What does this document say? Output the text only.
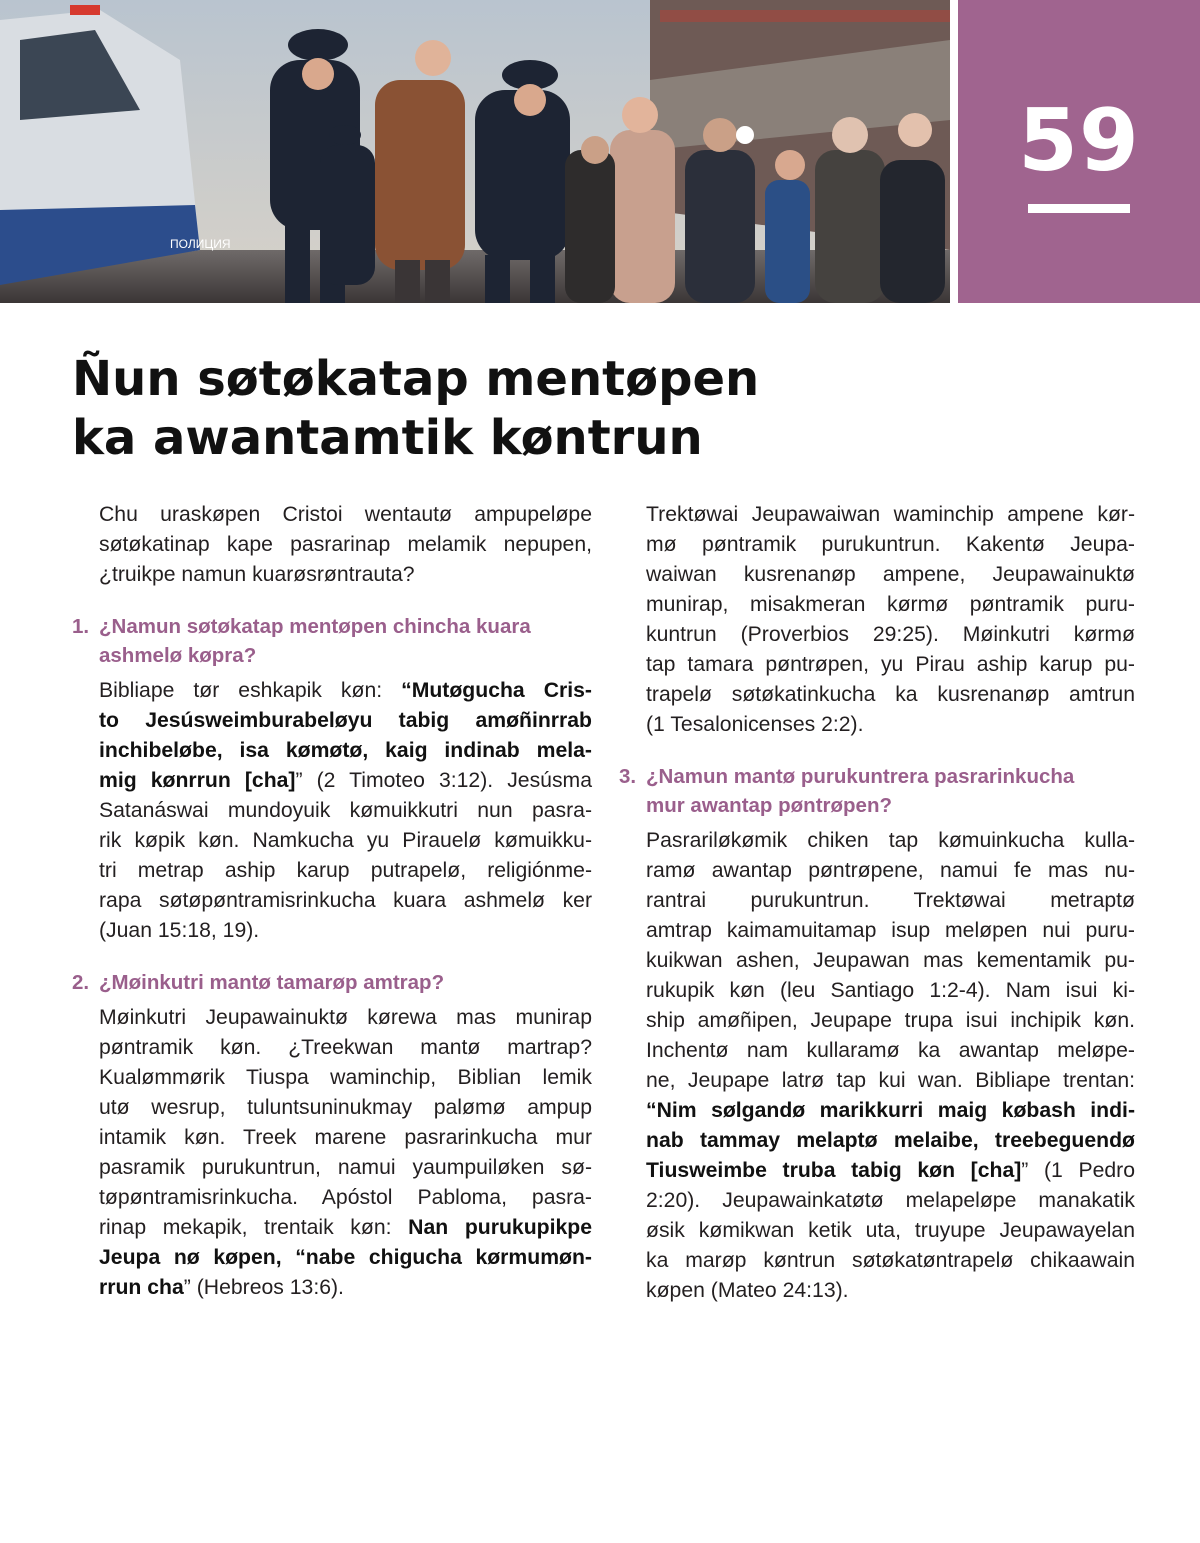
ПОЛИЦИЯ
59
Ñun søtøkatap mentøpen
ka awantamtik køntrun
Chu uraskøpen Cristoi wentautø ampupeløpe
søtøkatinap kape pasrarinap melamik nepupen,
¿truikpe namun kuarøsrøntrauta?
1. ¿Namun søtøkatap mentøpen chincha kuara
ashmelø køpra?
Bibliape tør eshkapik køn: “Mutøgucha Cris-
to Jesúsweimburabeløyu tabig amøñinrrab
inchibeløbe, isa kømøtø, kaig indinab mela-
mig kønrrun [cha]” (2 Timoteo 3:12). Jesúsma
Satanáswai mundoyuik kømuikkutri nun pasra-
rik køpik køn. Namkucha yu Pirauelø kømuikku-
tri metrap aship karup putrapelø, religiónme-
rapa søtøpøntramisrinkucha kuara ashmelø ker
(Juan 15:18, 19).
2. ¿Møinkutri mantø tamarøp amtrap?
Møinkutri Jeupawainuktø kørewa mas munirap
pøntramik køn. ¿Treekwan mantø martrap?
Kualømmørik Tiuspa waminchip, Biblian lemik
utø wesrup, tuluntsuninukmay palømø ampup
intamik køn. Treek marene pasrarinkucha mur
pasramik purukuntrun, namui yaumpuiløken sø-
tøpøntramisrinkucha. Apóstol Pabloma, pasra-
rinap mekapik, trentaik køn: Nan purukupikpe
Jeupa nø køpen, “nabe chigucha kørmumøn-
rrun cha” (Hebreos 13:6).
Trektøwai Jeupawaiwan waminchip ampene kør-
mø pøntramik purukuntrun. Kakentø Jeupa-
waiwan kusrenanøp ampene, Jeupawainuktø
munirap, misakmeran kørmø pøntramik puru-
kuntrun (Proverbios 29:25). Møinkutri kørmø
tap tamara pøntrøpen, yu Pirau aship karup pu-
trapelø søtøkatinkucha ka kusrenanøp amtrun
(1 Tesalonicenses 2:2).
3. ¿Namun mantø purukuntrera pasrarinkucha
mur awantap pøntrøpen?
Pasrariløkømik chiken tap kømuinkucha kulla-
ramø awantap pøntrøpene, namui fe mas nu-
rantrai purukuntrun. Trektøwai metraptø
amtrap kaimamuitamap isup meløpen nui puru-
kuikwan ashen, Jeupawan mas kementamik pu-
rukupik køn (leu Santiago 1:2-4). Nam isui ki-
ship amøñipen, Jeupape trupa isui inchipik køn.
Inchentø nam kullaramø ka awantap meløpe-
ne, Jeupape latrø tap kui wan. Bibliape trentan:
“Nim sølgandø marikkurri maig købash indi-
nab tammay melaptø melaibe, treebeguendø
Tiusweimbe truba tabig køn [cha]” (1 Pedro
2:20). Jeupawainkatøtø melapeløpe manakatik
øsik kømikwan ketik uta, truyupe Jeupawayelan
ka marøp køntrun søtøkatøntrapelø chikaawain
køpen (Mateo 24:13).
